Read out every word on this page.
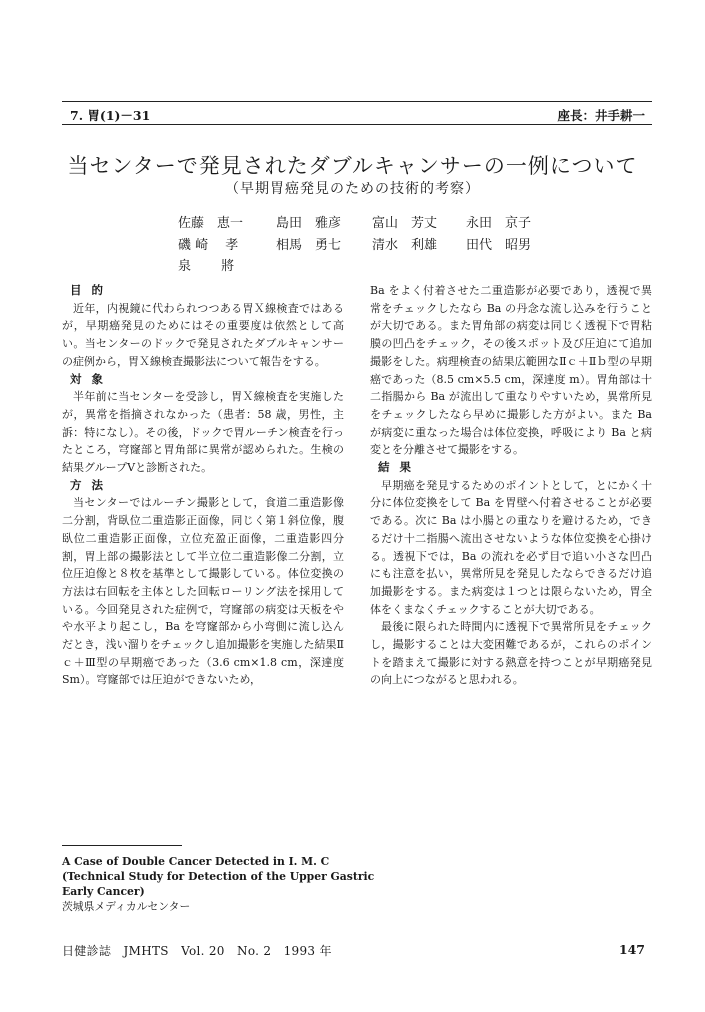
7. 胃(1)－31	座長：井手耕一
当センターで発見されたダブルキャンサーの一例について
（早期胃癌発見のための技術的考察）
佐藤　恵一	島田　雅彦 富山　芳丈 永田　京子
磯 崎　 孝	相馬　勇七 清水　利雄 田代　昭男
泉　　 將
目的

近年，内視鏡に代わられつつある胃Ｘ線検査ではあるが，早期癌発見のためにはその重要度は依然として高い。当センターのドックで発見されたダブルキャンサーの症例から，胃Ｘ線検査撮影法について報告をする。

対象

半年前に当センターを受診し，胃Ｘ線検査を実施したが，異常を指摘されなかった（患者：58 歳，男性，主訴：特になし）。その後，ドックで胃ルーチン検査を行ったところ，穹窿部と胃角部に異常が認められた。生検の結果グループⅤと診断された。

方法

当センターではルーチン撮影として，食道二重造影像二分割，背臥位二重造影正面像，同じく第１斜位像，腹臥位二重造影正面像，立位充盈正面像，二重造影四分割，胃上部の撮影法として半立位二重造影像二分割，立位圧迫像と８枚を基準として撮影している。体位変換の方法は右回転を主体とした回転ローリング法を採用している。今回発見された症例で，穹窿部の病変は天板をやや水平より起こし，Ba を穹窿部から小弯側に流し込んだとき，浅い溜りをチェックし追加撮影を実施した結果Ⅱｃ＋Ⅲ型の早期癌であった（3.6 cm×1.8 cm，深達度 Sm）。穹窿部では圧迫ができないため，

Ba をよく付着させた二重造影が必要であり，透視で異常をチェックしたなら Ba の丹念な流し込みを行うことが大切である。また胃角部の病変は同じく透視下で胃粘膜の凹凸をチェック，その後スポット及び圧迫にて追加撮影をした。病理検査の結果広範囲なⅡｃ＋Ⅱｂ型の早期癌であった（8.5 cm×5.5 cm，深達度 m）。胃角部は十二指腸から Ba が流出して重なりやすいため，異常所見をチェックしたなら早めに撮影した方がよい。また Ba が病変に重なった場合は体位変換，呼吸により Ba と病変とを分離させて撮影をする。

結果

早期癌を発見するためのポイントとして，とにかく十分に体位変換をして Ba を胃壁へ付着させることが必要である。次に Ba は小腸との重なりを避けるため，できるだけ十二指腸へ流出させないような体位変換を心掛ける。透視下では，Ba の流れを必ず目で追い小さな凹凸にも注意を払い，異常所見を発見したならできるだけ追加撮影をする。また病変は１つとは限らないため，胃全体をくまなくチェックすることが大切である。

最後に限られた時間内に透視下で異常所見をチェックし，撮影することは大変困難であるが，これらのポイントを踏まえて撮影に対する熱意を持つことが早期癌発見の向上につながると思われる。

A Case of Double Cancer Detected in I. M. C
(Technical Study for Detection of the Upper Gastric
Early Cancer)
茨城県メディカルセンター
日健診誌　JMHTS　Vol. 20　No. 2　1993 年	147
